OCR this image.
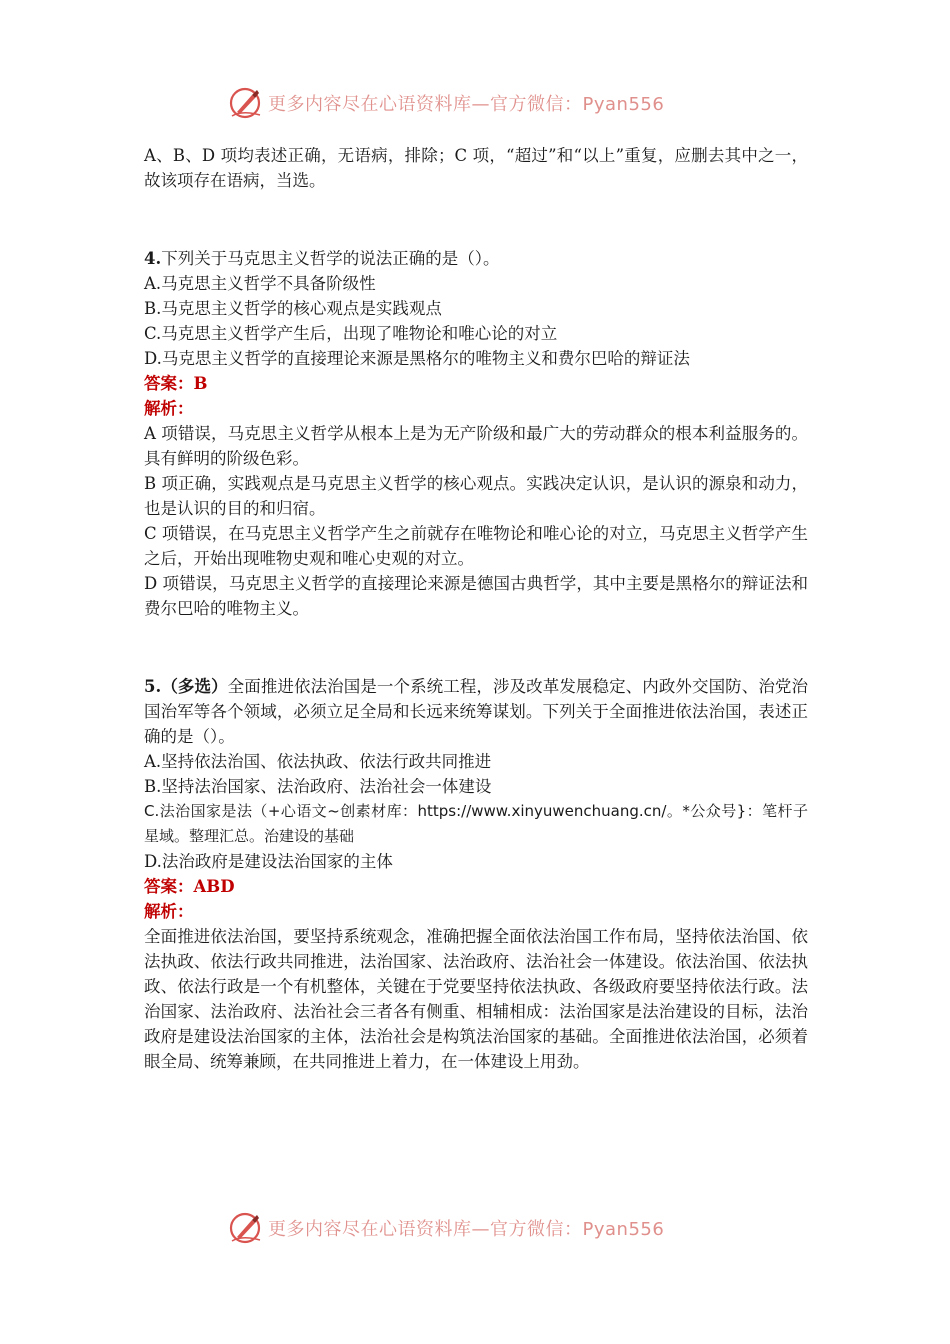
更多内容尽在心语资料库—官方微信：Pyan556

A、B、D 项均表述正确，无语病，排除；C 项，“超过”和“以上”重复，应删去其中之一，故该项存在语病，当选。

4.下列关于马克思主义哲学的说法正确的是（）。

A.马克思主义哲学不具备阶级性

B.马克思主义哲学的核心观点是实践观点

C.马克思主义哲学产生后，出现了唯物论和唯心论的对立

D.马克思主义哲学的直接理论来源是黑格尔的唯物主义和费尔巴哈的辩证法

答案：B

解析：

A 项错误，马克思主义哲学从根本上是为无产阶级和最广大的劳动群众的根本利益服务的。具有鲜明的阶级色彩。

B 项正确，实践观点是马克思主义哲学的核心观点。实践决定认识，是认识的源泉和动力，也是认识的目的和归宿。

C 项错误，在马克思主义哲学产生之前就存在唯物论和唯心论的对立，马克思主义哲学产生之后，开始出现唯物史观和唯心史观的对立。

D 项错误，马克思主义哲学的直接理论来源是德国古典哲学，其中主要是黑格尔的辩证法和费尔巴哈的唯物主义。

5.（多选）全面推进依法治国是一个系统工程，涉及改革发展稳定、内政外交国防、治党治国治军等各个领域，必须立足全局和长远来统筹谋划。下列关于全面推进依法治国，表述正确的是（）。

A.坚持依法治国、依法执政、依法行政共同推进

B.坚持法治国家、法治政府、法治社会一体建设

C.法治国家是法（+心语文~创素材库：https://www.xinyuwenchuang.cn/。*公众号}：笔杆子星域。整理汇总。治建设的基础

D.法治政府是建设法治国家的主体

答案：ABD

解析：

全面推进依法治国，要坚持系统观念，准确把握全面依法治国工作布局，坚持依法治国、依法执政、依法行政共同推进，法治国家、法治政府、法治社会一体建设。依法治国、依法执政、依法行政是一个有机整体，关键在于党要坚持依法执政、各级政府要坚持依法行政。法治国家、法治政府、法治社会三者各有侧重、相辅相成：法治国家是法治建设的目标，法治政府是建设法治国家的主体，法治社会是构筑法治国家的基础。全面推进依法治国，必须着眼全局、统筹兼顾，在共同推进上着力，在一体建设上用劲。

更多内容尽在心语资料库—官方微信：Pyan556
